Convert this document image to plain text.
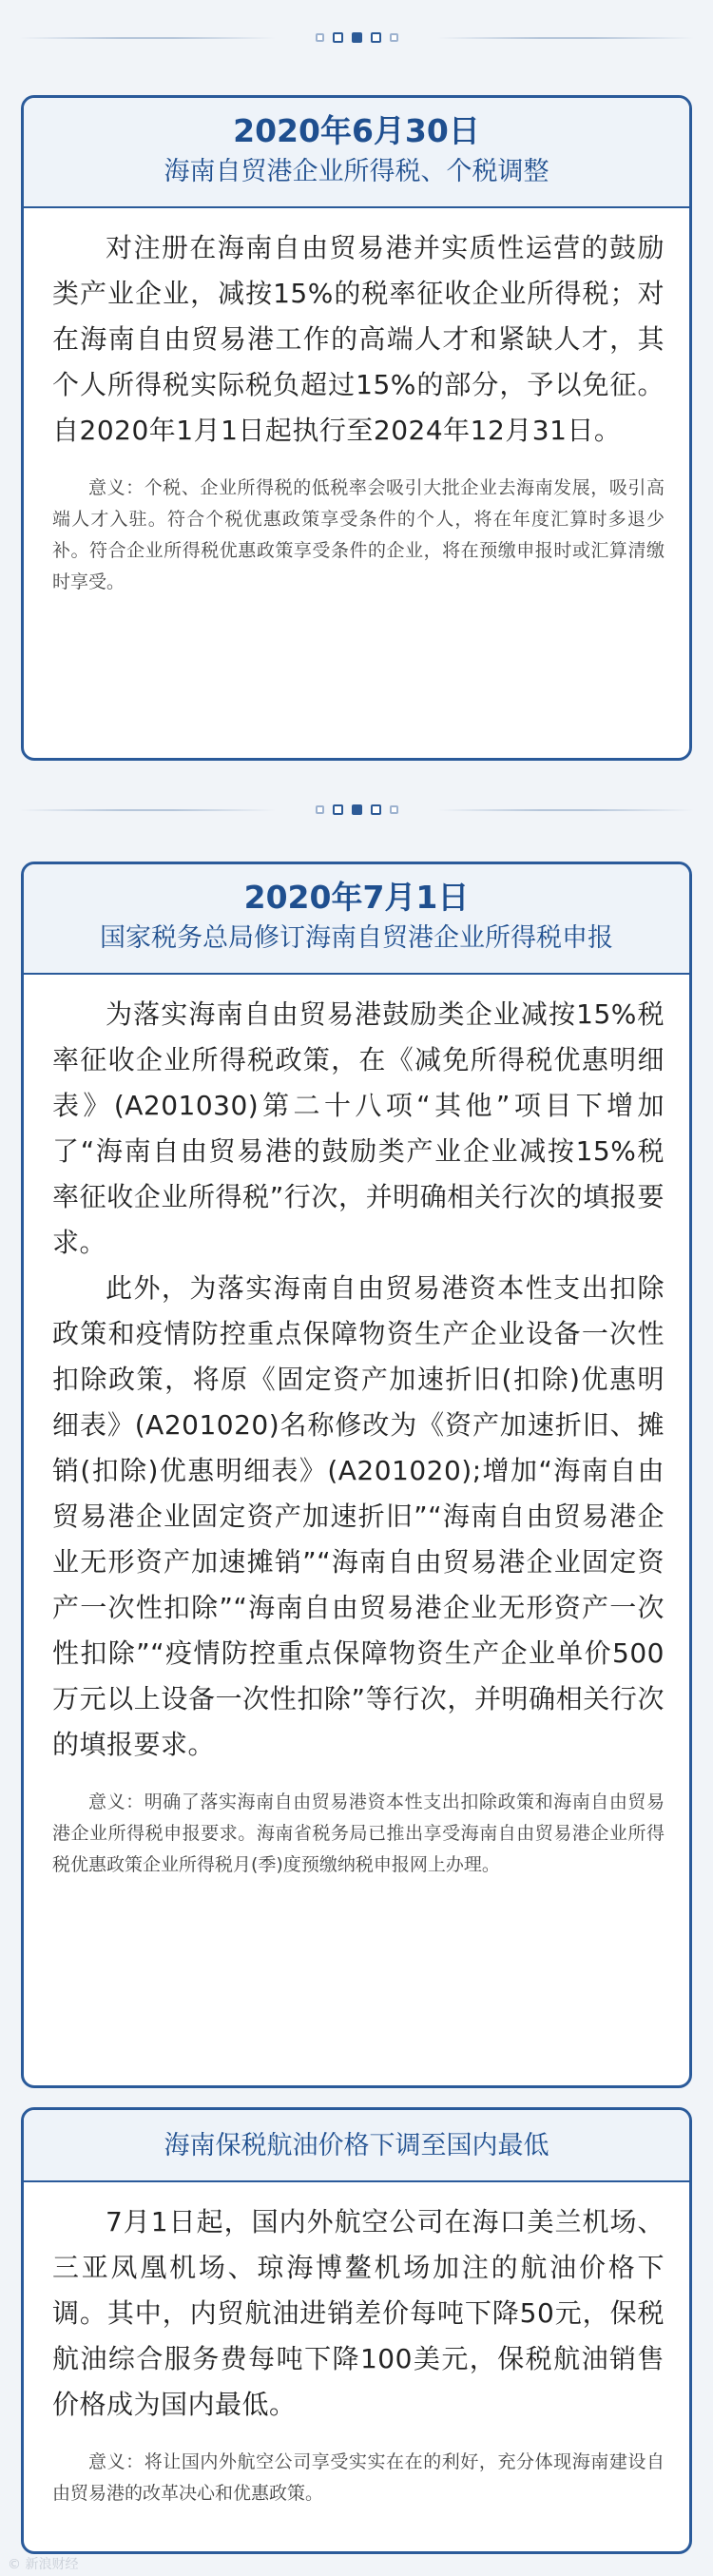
2020年6月30日
海南自贸港企业所得税、个税调整

对注册在海南自由贸易港并实质性运营的鼓励类产业企业，减按15%的税率征收企业所得税；对在海南自由贸易港工作的高端人才和紧缺人才，其个人所得税实际税负超过15%的部分，予以免征。自2020年1月1日起执行至2024年12月31日。

意义：个税、企业所得税的低税率会吸引大批企业去海南发展，吸引高端人才入驻。符合个税优惠政策享受条件的个人，将在年度汇算时多退少补。符合企业所得税优惠政策享受条件的企业，将在预缴申报时或汇算清缴时享受。

2020年7月1日
国家税务总局修订海南自贸港企业所得税申报

为落实海南自由贸易港鼓励类企业减按15%税率征收企业所得税政策，在《减免所得税优惠明细表》(A201030)第二十八项“其他”项目下增加了“海南自由贸易港的鼓励类产业企业减按15%税率征收企业所得税”行次，并明确相关行次的填报要求。

此外，为落实海南自由贸易港资本性支出扣除政策和疫情防控重点保障物资生产企业设备一次性扣除政策，将原《固定资产加速折旧(扣除)优惠明细表》(A201020)名称修改为《资产加速折旧、摊销(扣除)优惠明细表》(A201020);增加“海南自由贸易港企业固定资产加速折旧”“海南自由贸易港企业无形资产加速摊销”“海南自由贸易港企业固定资产一次性扣除”“海南自由贸易港企业无形资产一次性扣除”“疫情防控重点保障物资生产企业单价500 万元以上设备一次性扣除”等行次，并明确相关行次的填报要求。

意义：明确了落实海南自由贸易港资本性支出扣除政策和海南自由贸易港企业所得税申报要求。海南省税务局已推出享受海南自由贸易港企业所得税优惠政策企业所得税月(季)度预缴纳税申报网上办理。

海南保税航油价格下调至国内最低

7月1日起，国内外航空公司在海口美兰机场、三亚凤凰机场、琼海博鳌机场加注的航油价格下调。其中，内贸航油进销差价每吨下降50元，保税航油综合服务费每吨下降100美元，保税航油销售价格成为国内最低。

意义：将让国内外航空公司享受实实在在的利好，充分体现海南建设自由贸易港的改革决心和优惠政策。

© 新浪财经
